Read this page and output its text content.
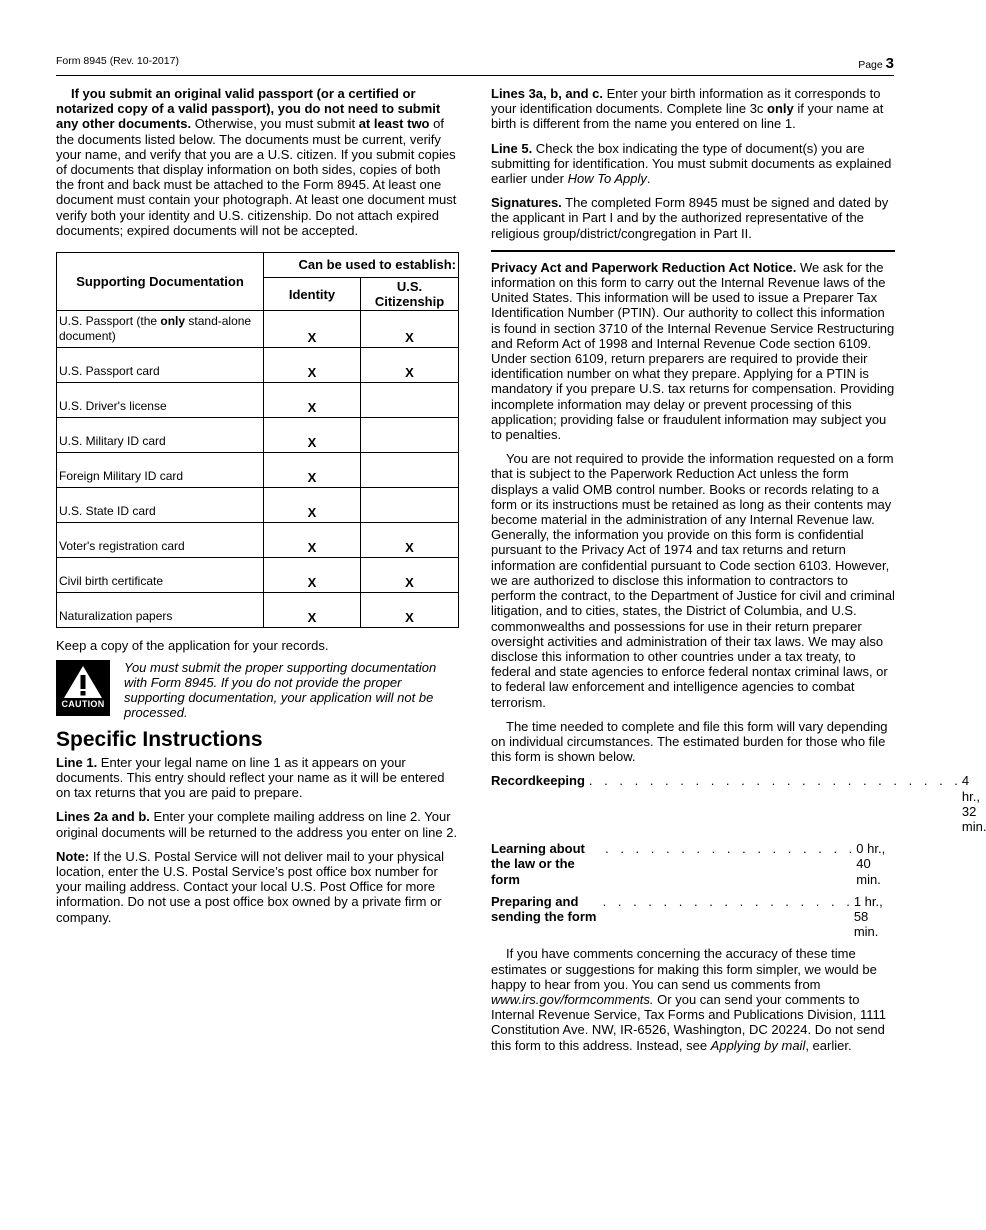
Form 8945 (Rev. 10-2017)	Page 3

If you submit an original valid passport (or a certified or notarized copy of a valid passport), you do not need to submit any other documents. Otherwise, you must submit at least two of the documents listed below. The documents must be current, verify your name, and verify that you are a U.S. citizen. If you submit copies of documents that display information on both sides, copies of both the front and back must be attached to the Form 8945. At least one document must contain your photograph. At least one document must verify both your identity and U.S. citizenship. Do not attach expired documents; expired documents will not be accepted.

Supporting Documentation	Can be used to establish:	
	Identity	U.S. Citizenship
U.S. Passport (the only stand-alone document)	X	X
U.S. Passport card	X	X
U.S. Driver's license	X	
U.S. Military ID card	X	
Foreign Military ID card	X	
U.S. State ID card	X	
Voter's registration card	X	X
Civil birth certificate	X	X
Naturalization papers	X	X

Keep a copy of the application for your records.

CAUTION
You must submit the proper supporting documentation with Form 8945. If you do not provide the proper supporting documentation, your application will not be processed.
Specific Instructions

Line 1. Enter your legal name on line 1 as it appears on your documents. This entry should reflect your name as it will be entered on tax returns that you are paid to prepare.

Lines 2a and b. Enter your complete mailing address on line 2. Your original documents will be returned to the address you enter on line 2.

Note: If the U.S. Postal Service will not deliver mail to your physical location, enter the U.S. Postal Service’s post office box number for your mailing address. Contact your local U.S. Post Office for more information. Do not use a post office box owned by a private firm or company.

Lines 3a, b, and c. Enter your birth information as it corresponds to your identification documents. Complete line 3c only if your name at birth is different from the name you entered on line 1.

Line 5. Check the box indicating the type of document(s) you are submitting for identification. You must submit documents as explained earlier under How To Apply.

Signatures. The completed Form 8945 must be signed and dated by the applicant in Part I and by the authorized representative of the religious group/district/congregation in Part II.

Privacy Act and Paperwork Reduction Act Notice. We ask for the information on this form to carry out the Internal Revenue laws of the United States. This information will be used to issue a Preparer Tax Identification Number (PTIN). Our authority to collect this information is found in section 3710 of the Internal Revenue Service Restructuring and Reform Act of 1998 and Internal Revenue Code section 6109. Under section 6109, return preparers are required to provide their identification number on what they prepare. Applying for a PTIN is mandatory if you prepare U.S. tax returns for compensation. Providing incomplete information may delay or prevent processing of this application; providing false or fraudulent information may subject you to penalties.

You are not required to provide the information requested on a form that is subject to the Paperwork Reduction Act unless the form displays a valid OMB control number. Books or records relating to a form or its instructions must be retained as long as their contents may become material in the administration of any Internal Revenue law. Generally, the information you provide on this form is confidential pursuant to the Privacy Act of 1974 and tax returns and return information are confidential pursuant to Code section 6103. However, we are authorized to disclose this information to contractors to perform the contract, to the Department of Justice for civil and criminal litigation, and to cities, states, the District of Columbia, and U.S. commonwealths and possessions for use in their return preparer oversight activities and administration of their tax laws. We may also disclose this information to other countries under a tax treaty, to federal and state agencies to enforce federal nontax criminal laws, or to federal law enforcement and intelligence agencies to combat terrorism.

The time needed to complete and file this form will vary depending on individual circumstances. The estimated burden for those who file this form is shown below.

Recordkeeping . . . . . . . . . . . . . . . . . . . . . . . . . 4 hr., 32 min.
Learning about the law or the form
. . . . . . . . . . . . . . . . . 0 hr., 40 min.
Preparing and sending the form
. . . . . . . . . . . . . . . . . 1 hr., 58 min.

If you have comments concerning the accuracy of these time estimates or suggestions for making this form simpler, we would be happy to hear from you. You can send us comments from www.irs.gov/formcomments. Or you can send your comments to Internal Revenue Service, Tax Forms and Publications Division, 1111 Constitution Ave. NW, IR-6526, Washington, DC 20224. Do not send this form to this address. Instead, see Applying by mail, earlier.
